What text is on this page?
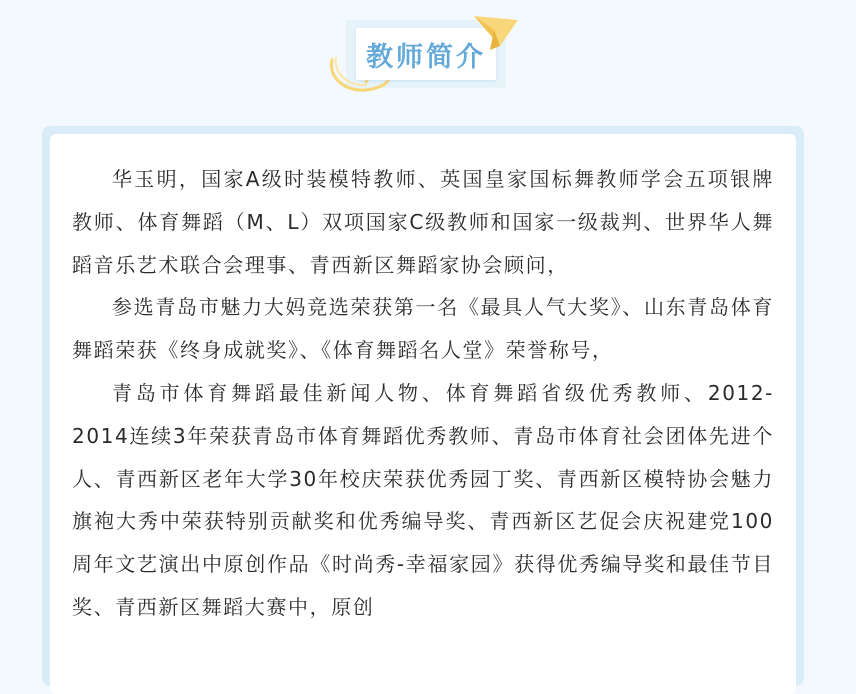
教师简介

华玉明，国家A级时装模特教师、英国皇家国标舞教师学会五项银牌教师、体育舞蹈（M、L）双项国家C级教师和国家一级裁判、世界华人舞蹈音乐艺术联合会理事、青西新区舞蹈家协会顾问，

参选青岛市魅力大妈竞选荣获第一名《最具人气大奖》、山东青岛体育舞蹈荣获《终身成就奖》、《体育舞蹈名人堂》荣誉称号，

青岛市体育舞蹈最佳新闻人物、体育舞蹈省级优秀教师、2012-2014连续3年荣获青岛市体育舞蹈优秀教师、青岛市体育社会团体先进个人、青西新区老年大学30年校庆荣获优秀园丁奖、青西新区模特协会魅力旗袍大秀中荣获特别贡献奖和优秀编导奖、青西新区艺促会庆祝建党100周年文艺演出中原创作品《时尚秀-幸福家园》获得优秀编导奖和最佳节目奖、青西新区舞蹈大赛中，原创
